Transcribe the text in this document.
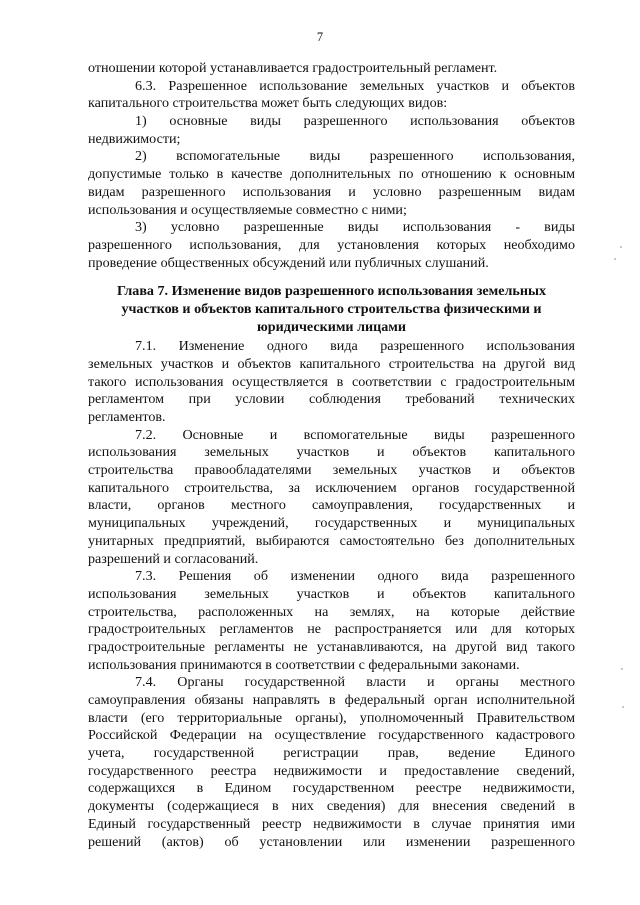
7
отношении которой устанавливается градостроительный регламент.
6.3. Разрешенное использование земельных участков и объектов
капитального строительства может быть следующих видов:
1) основные виды разрешенного использования объектов
недвижимости;
2) вспомогательные виды разрешенного использования,
допустимые только в качестве дополнительных по отношению к основным
видам разрешенного использования и условно разрешенным видам
использования и осуществляемые совместно с ними;
3) условно разрешенные виды использования - виды
разрешенного использования, для установления которых необходимо
проведение общественных обсуждений или публичных слушаний.
Глава 7. Изменение видов разрешенного использования земельных
участков и объектов капитального строительства физическими и
юридическими лицами
7.1. Изменение одного вида разрешенного использования
земельных участков и объектов капитального строительства на другой вид
такого использования осуществляется в соответствии с градостроительным
регламентом при условии соблюдения требований технических
регламентов.
7.2. Основные и вспомогательные виды разрешенного
использования земельных участков и объектов капитального
строительства правообладателями земельных участков и объектов
капитального строительства, за исключением органов государственной
власти, органов местного самоуправления, государственных и
муниципальных учреждений, государственных и муниципальных
унитарных предприятий, выбираются самостоятельно без дополнительных
разрешений и согласований.
7.3. Решения об изменении одного вида разрешенного
использования земельных участков и объектов капитального
строительства, расположенных на землях, на которые действие
градостроительных регламентов не распространяется или для которых
градостроительные регламенты не устанавливаются, на другой вид такого
использования принимаются в соответствии с федеральными законами.
7.4. Органы государственной власти и органы местного
самоуправления обязаны направлять в федеральный орган исполнительной
власти (его территориальные органы), уполномоченный Правительством
Российской Федерации на осуществление государственного кадастрового
учета, государственной регистрации прав, ведение Единого
государственного реестра недвижимости и предоставление сведений,
содержащихся в Едином государственном реестре недвижимости,
документы (содержащиеся в них сведения) для внесения сведений в
Единый государственный реестр недвижимости в случае принятия ими
решений (актов) об установлении или изменении разрешенного
